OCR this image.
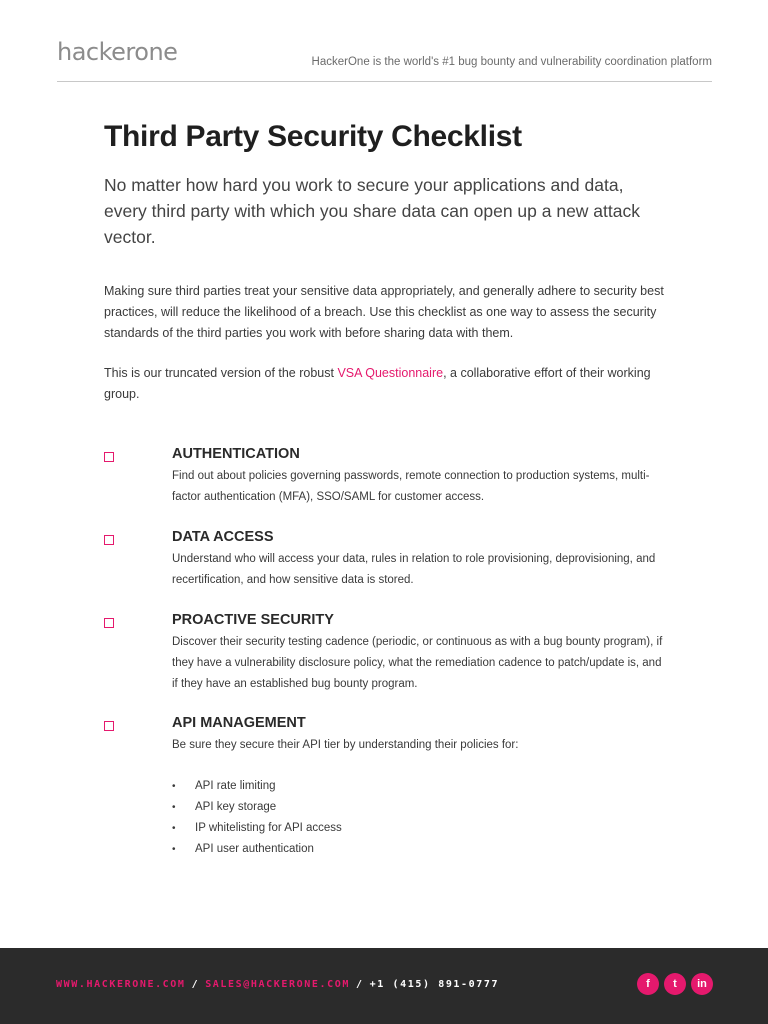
hackerone	HackerOne is the world's #1 bug bounty and vulnerability coordination platform
Third Party Security Checklist

No matter how hard you work to secure your applications and data, every third party with which you share data can open up a new attack vector.

Making sure third parties treat your sensitive data appropriately, and generally adhere to security best practices, will reduce the likelihood of a breach. Use this checklist as one way to assess the security standards of the third parties you work with before sharing data with them.

This is our truncated version of the robust VSA Questionnaire, a collaborative effort of their working group.

AUTHENTICATION
Find out about policies governing passwords, remote connection to production systems, multi-factor authentication (MFA), SSO/SAML for customer access.
DATA ACCESS
Understand who will access your data, rules in relation to role provisioning, deprovisioning, and recertification, and how sensitive data is stored.
PROACTIVE SECURITY
Discover their security testing cadence (periodic, or continuous as with a bug bounty program), if they have a vulnerability disclosure policy, what the remediation cadence to patch/update is, and if they have an established bug bounty program.
API MANAGEMENT
Be sure they secure their API tier by understanding their policies for:
• API rate limiting
• API key storage
• IP whitelisting for API access
• API user authentication
WWW.HACKERONE.COM / SALES@HACKERONE.COM / +1 (415) 891-0777	f	t	in
